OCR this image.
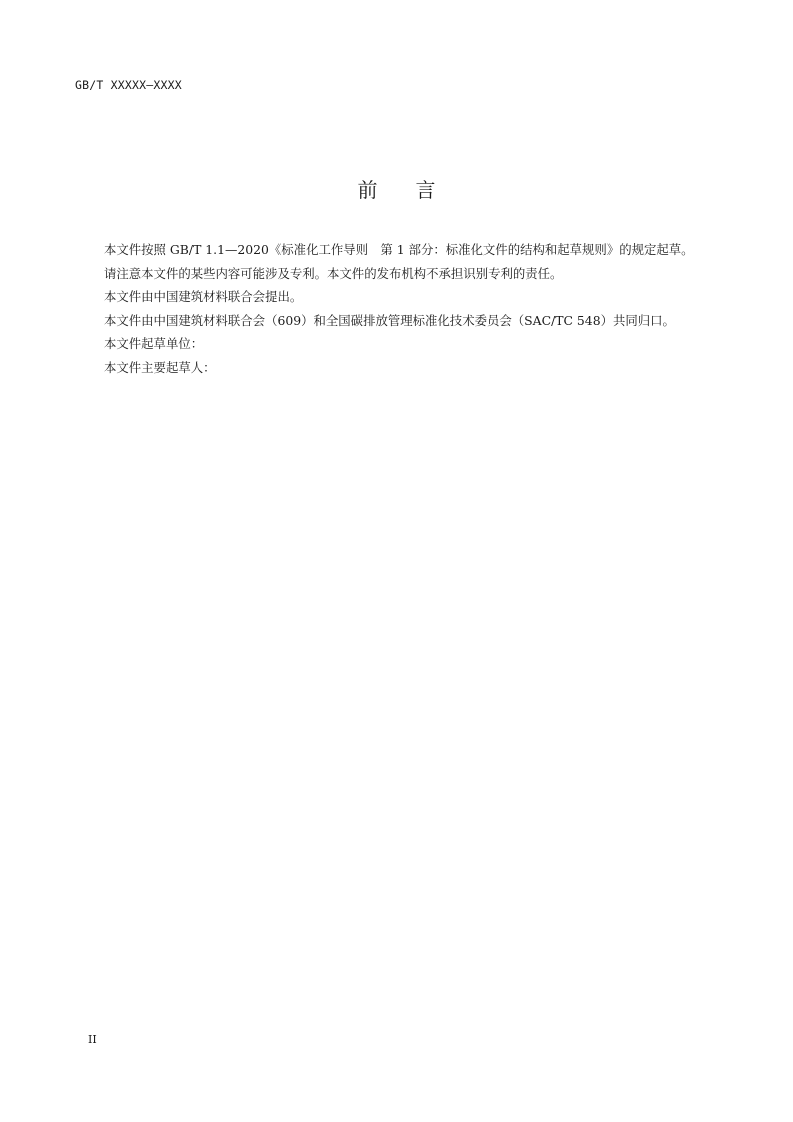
GB/T XXXXX—XXXX
前言

本文件按照 GB/T 1.1—2020《标准化工作导则　第 1 部分：标准化文件的结构和起草规则》的规定起草。

请注意本文件的某些内容可能涉及专利。本文件的发布机构不承担识别专利的责任。

本文件由中国建筑材料联合会提出。

本文件由中国建筑材料联合会（609）和全国碳排放管理标准化技术委员会（SAC/TC 548）共同归口。

本文件起草单位：

本文件主要起草人：

II
